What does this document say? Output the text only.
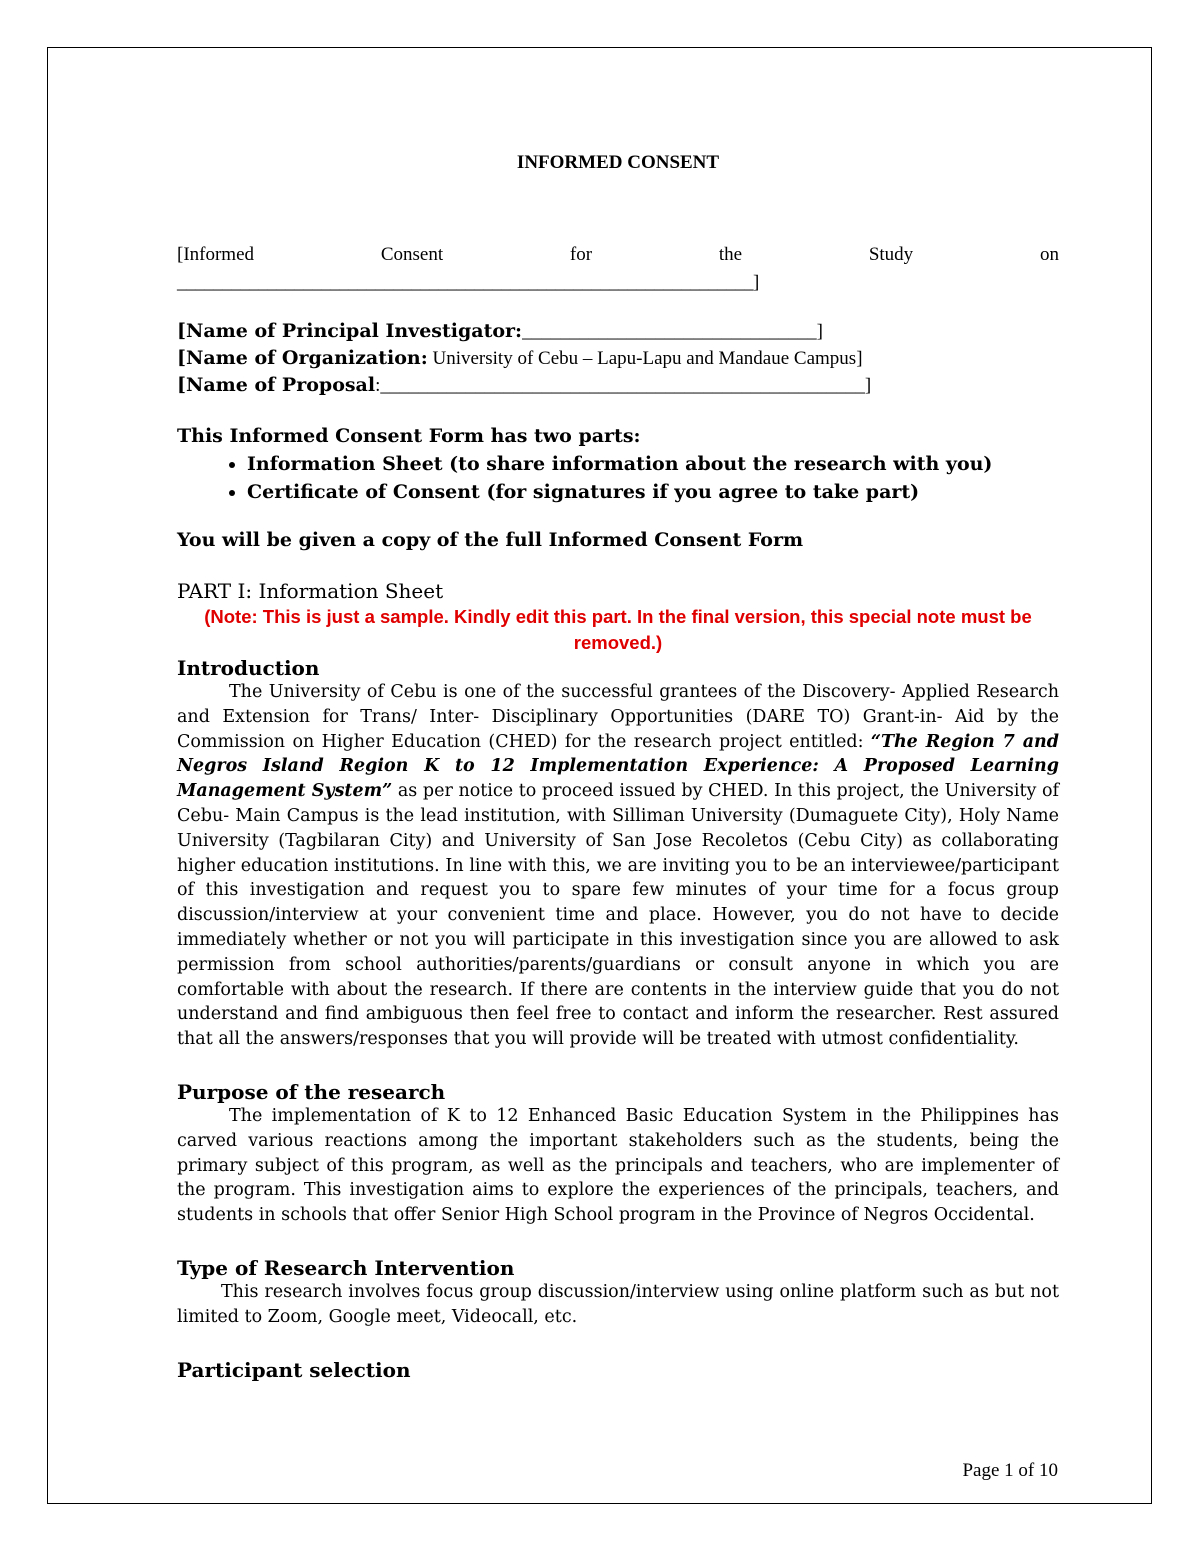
INFORMED CONSENT
[Informed	Consent	for	the	Study	on
________________________________________________________________]
[Name of Principal Investigator:_______________________________]
[Name of Organization: University of Cebu – Lapu-Lapu and Mandaue Campus]
[Name of Proposal:___________________________________________________]
This Informed Consent Form has two parts:
• Information Sheet (to share information about the research with you)
• Certificate of Consent (for signatures if you agree to take part)
You will be given a copy of the full Informed Consent Form
PART I: Information Sheet
(Note: This is just a sample. Kindly edit this part. In the final version, this special note must be removed.)
Introduction

The University of Cebu is one of the successful grantees of the Discovery- Applied Research and Extension for Trans/ Inter- Disciplinary Opportunities (DARE TO) Grant-in- Aid by the Commission on Higher Education (CHED) for the research project entitled: “The Region 7 and Negros Island Region K to 12 Implementation Experience: A Proposed Learning Management System” as per notice to proceed issued by CHED. In this project, the University of Cebu- Main Campus is the lead institution, with Silliman University (Dumaguete City), Holy Name University (Tagbilaran City) and University of San Jose Recoletos (Cebu City) as collaborating higher education institutions. In line with this, we are inviting you to be an interviewee/participant of this investigation and request you to spare few minutes of your time for a focus group discussion/interview at your convenient time and place. However, you do not have to decide immediately whether or not you will participate in this investigation since you are allowed to ask permission from school authorities/parents/guardians or consult anyone in which you are comfortable with about the research. If there are contents in the interview guide that you do not understand and find ambiguous then feel free to contact and inform the researcher. Rest assured that all the answers/responses that you will provide will be treated with utmost confidentiality.

Purpose of the research

The implementation of K to 12 Enhanced Basic Education System in the Philippines has carved various reactions among the important stakeholders such as the students, being the primary subject of this program, as well as the principals and teachers, who are implementer of the program. This investigation aims to explore the experiences of the principals, teachers, and students in schools that offer Senior High School program in the Province of Negros Occidental.

Type of Research Intervention

This research involves focus group discussion/interview using online platform such as but not limited to Zoom, Google meet, Videocall, etc.

Participant selection
Page 1 of 10
